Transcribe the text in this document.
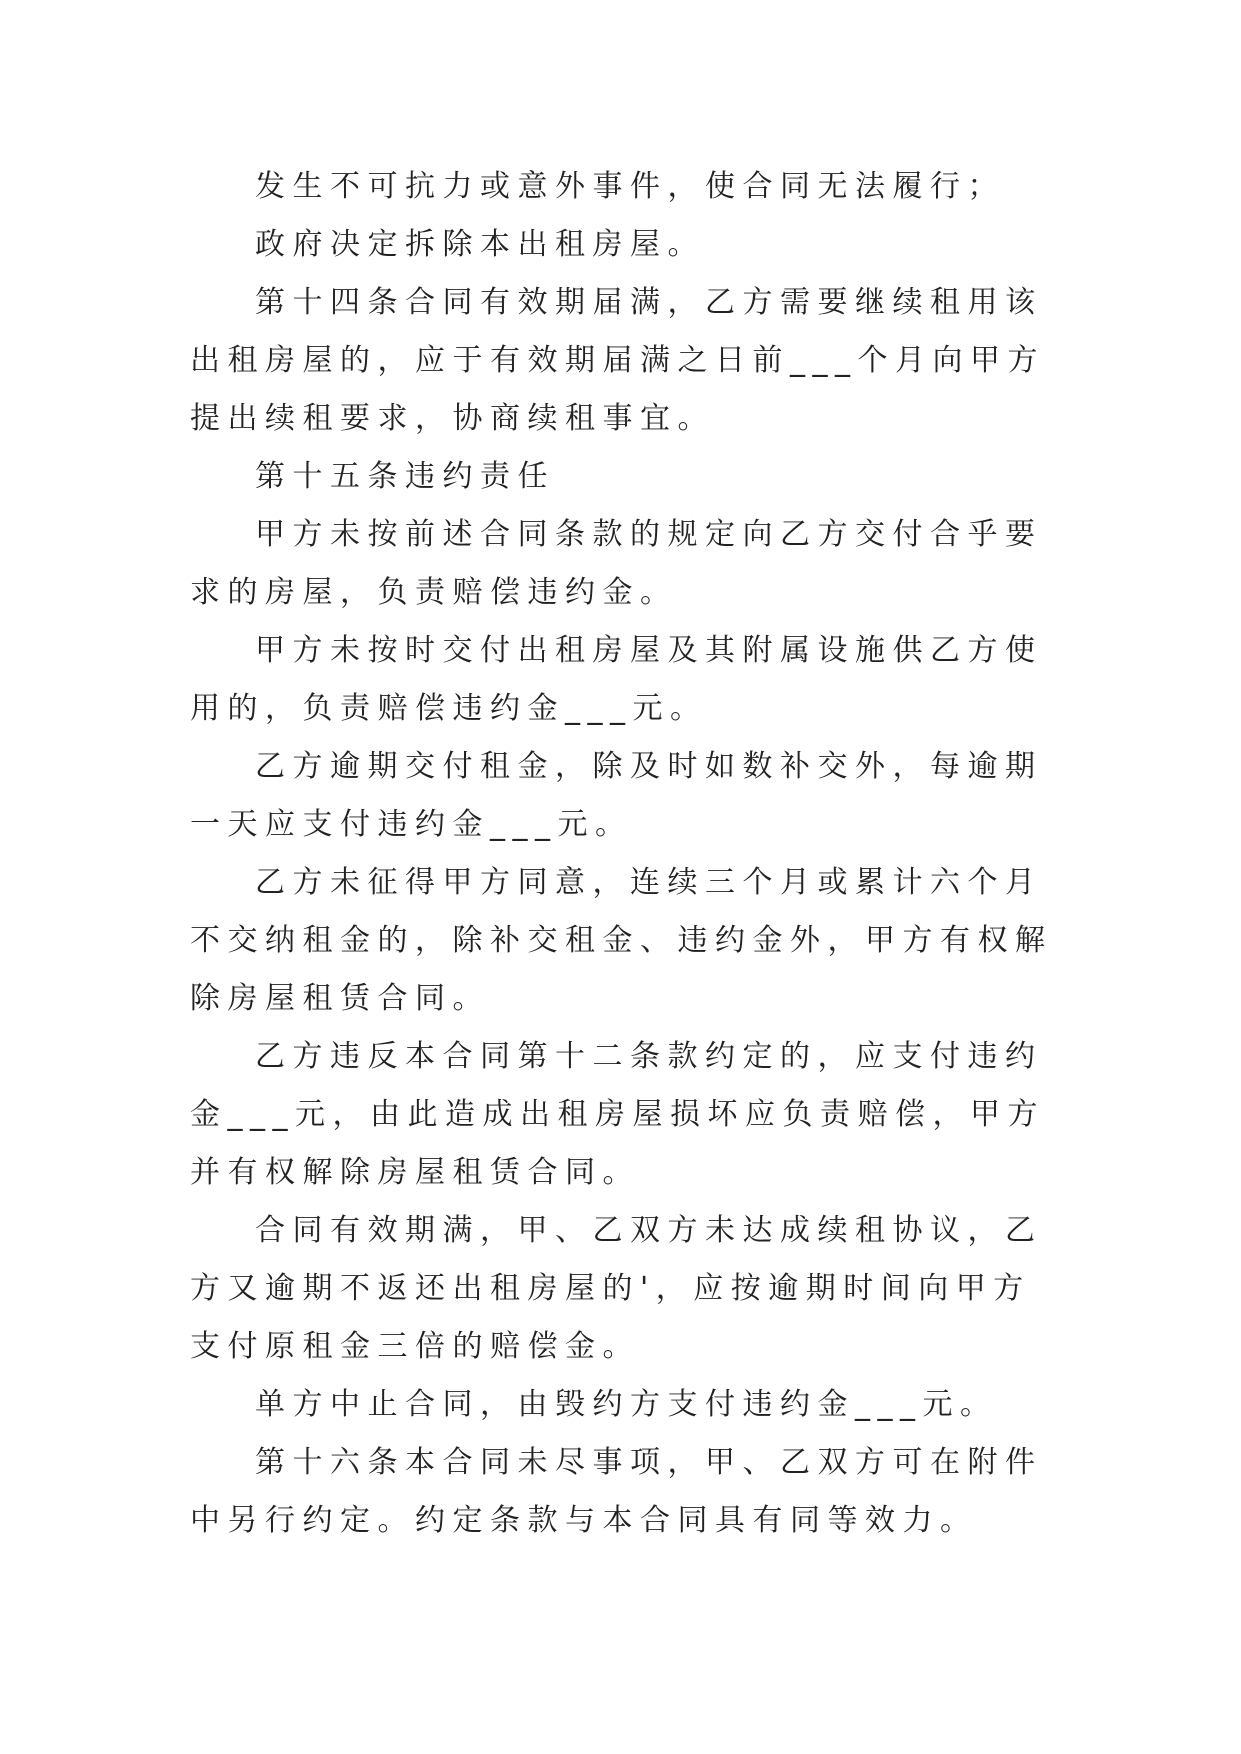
发生不可抗力或意外事件，使合同无法履行；

政府决定拆除本出租房屋。

第十四条合同有效期届满，乙方需要继续租用该出租房屋的，应于有效期届满之日前___个月向甲方提出续租要求，协商续租事宜。

第十五条违约责任

甲方未按前述合同条款的规定向乙方交付合乎要求的房屋，负责赔偿违约金。

甲方未按时交付出租房屋及其附属设施供乙方使用的，负责赔偿违约金___元。

乙方逾期交付租金，除及时如数补交外，每逾期一天应支付违约金___元。

乙方未征得甲方同意，连续三个月或累计六个月不交纳租金的，除补交租金、违约金外，甲方有权解除房屋租赁合同。

乙方违反本合同第十二条款约定的，应支付违约金___元，由此造成出租房屋损坏应负责赔偿，甲方并有权解除房屋租赁合同。

合同有效期满，甲、乙双方未达成续租协议，乙方又逾期不返还出租房屋的'，应按逾期时间向甲方支付原租金三倍的赔偿金。

单方中止合同，由毁约方支付违约金___元。

第十六条本合同未尽事项，甲、乙双方可在附件中另行约定。约定条款与本合同具有同等效力。
